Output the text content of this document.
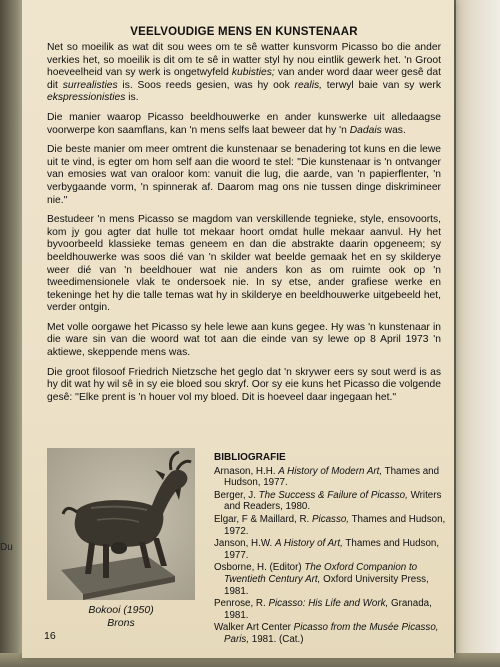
Du
VEELVOUDIGE MENS EN KUNSTENAAR

Net so moeilik as wat dit sou wees om te sê watter kunsvorm Picasso bo die ander verkies het, so moeilik is dit om te sê in watter styl hy nou eintlik gewerk het. 'n Groot hoeveelheid van sy werk is ongetwyfeld kubisties; van ander word daar weer gesê dat dit surrealisties is. Soos reeds gesien, was hy ook realis, terwyl baie van sy werk ekspressionisties is.

Die manier waarop Picasso beeldhouwerke en ander kunswerke uit alledaagse voorwerpe kon saamflans, kan 'n mens selfs laat beweer dat hy 'n Dadais was.

Die beste manier om meer omtrent die kunstenaar se benadering tot kuns en die lewe uit te vind, is egter om hom self aan die woord te stel: ''Die kunstenaar is 'n ontvanger van emosies wat van oraloor kom: vanuit die lug, die aarde, van 'n papierflenter, 'n verbygaande vorm, 'n spinnerak af. Daarom mag ons nie tussen dinge diskrimineer nie.''

Bestudeer 'n mens Picasso se magdom van verskillende tegnieke, style, ensovoorts, kom jy gou agter dat hulle tot mekaar hoort omdat hulle mekaar aanvul. Hy het byvoorbeeld klassieke temas geneem en dan die abstrakte daarin opgeneem; sy beeldhouwerke was soos dié van 'n skilder wat beelde gemaak het en sy skilderye weer dié van 'n beeldhouer wat nie anders kon as om ruimte ook op 'n tweedimensionele vlak te ondersoek nie. In sy etse, ander grafiese werke en tekeninge het hy die talle temas wat hy in skilderye en beeldhouwerke uitgebeeld het, verder ontgin.

Met volle oorgawe het Picasso sy hele lewe aan kuns gegee. Hy was 'n kunstenaar in die ware sin van die woord wat tot aan die einde van sy lewe op 8 April 1973 'n aktiewe, skeppende mens was.

Die groot filosoof Friedrich Nietzsche het geglo dat 'n skrywer eers sy sout werd is as hy dit wat hy wil sê in sy eie bloed sou skryf. Oor sy eie kuns het Picasso die volgende gesê: ''Elke prent is 'n houer vol my bloed. Dit is hoeveel daar ingegaan het.''

Bokooi (1950)
Brons
16
BIBLIOGRAFIE
Arnason, H.H. A History of Modern Art, Thames and Hudson, 1977.
Berger, J. The Success & Failure of Picasso, Writers and Readers, 1980.
Elgar, F & Maillard, R. Picasso, Thames and Hudson, 1972.
Janson, H.W. A History of Art, Thames and Hudson, 1977.
Osborne, H. (Editor) The Oxford Companion to Twentieth Century Art, Oxford University Press, 1981.
Penrose, R. Picasso: His Life and Work, Granada, 1981.
Walker Art Center Picasso from the Musée Picasso, Paris, 1981. (Cat.)
